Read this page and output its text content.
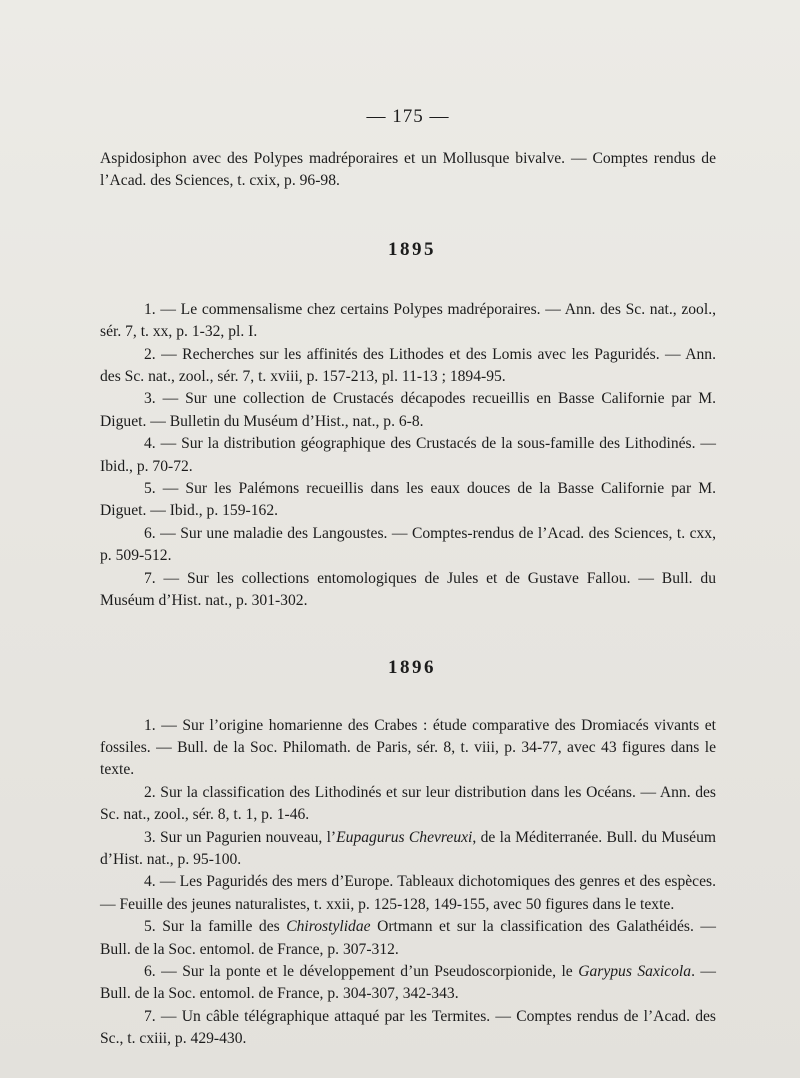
— 175 —

Aspidosiphon avec des Polypes madréporaires et un Mollusque bivalve. — Comptes rendus de l’Acad. des Sciences, t. cxix, p. 96-98.

1895

1. — Le commensalisme chez certains Polypes madréporaires. — Ann. des Sc. nat., zool., sér. 7, t. xx, p. 1-32, pl. I.

2. — Recherches sur les affinités des Lithodes et des Lomis avec les Paguridés. — Ann. des Sc. nat., zool., sér. 7, t. xviii, p. 157-213, pl. 11-13 ; 1894-95.

3. — Sur une collection de Crustacés décapodes recueillis en Basse Californie par M. Diguet. — Bulletin du Muséum d’Hist., nat., p. 6-8.

4. — Sur la distribution géographique des Crustacés de la sous-famille des Lithodinés. — Ibid., p. 70-72.

5. — Sur les Palémons recueillis dans les eaux douces de la Basse Californie par M. Diguet. — Ibid., p. 159-162.

6. — Sur une maladie des Langoustes. — Comptes-rendus de l’Acad. des Sciences, t. cxx, p. 509-512.

7. — Sur les collections entomologiques de Jules et de Gustave Fallou. — Bull. du Muséum d’Hist. nat., p. 301-302.

1896

1. — Sur l’origine homarienne des Crabes : étude comparative des Dromiacés vivants et fossiles. — Bull. de la Soc. Philomath. de Paris, sér. 8, t. viii, p. 34-77, avec 43 figures dans le texte.

2. Sur la classification des Lithodinés et sur leur distribution dans les Océans. — Ann. des Sc. nat., zool., sér. 8, t. 1, p. 1-46.

3. Sur un Pagurien nouveau, l’Eupagurus Chevreuxi, de la Méditerranée. Bull. du Muséum d’Hist. nat., p. 95-100.

4. — Les Paguridés des mers d’Europe. Tableaux dichotomiques des genres et des espèces. — Feuille des jeunes naturalistes, t. xxii, p. 125-128, 149-155, avec 50 figures dans le texte.

5. Sur la famille des Chirostylidae Ortmann et sur la classification des Galathéidés. — Bull. de la Soc. entomol. de France, p. 307-312.

6. — Sur la ponte et le développement d’un Pseudoscorpionide, le Garypus Saxicola. — Bull. de la Soc. entomol. de France, p. 304-307, 342-343.

7. — Un câble télégraphique attaqué par les Termites. — Comptes rendus de l’Acad. des Sc., t. cxiii, p. 429-430.
